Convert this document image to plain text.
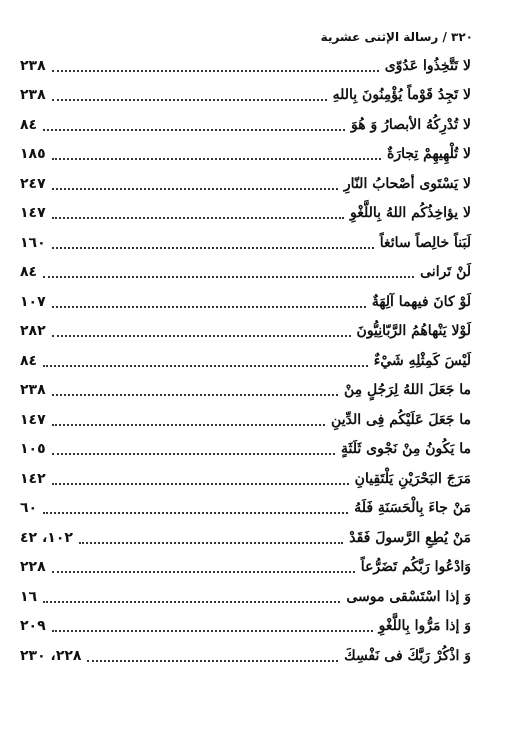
٣٢٠ / رسالة الإثنى عشرية
لا تَتَّخِذُوا عَدُوّى
٢٣٨
لا تَجِدُ قَوْماً يُؤْمِنُونَ بِاللهِ
٢٣٨
لا تُدْرِكُهُ الأبصارُ وَ هُوَ
٨٤
لا تُلْهِيهِمْ تِجارَةٌ
١٨٥
لا يَسْتَوى أصْحابُ النّارِ
٢٤٧
لا يؤاخِذُكُم اللهُ بِاللَّغْوِ
١٤٧
لَبَناً خالِصاً سائغاً
١٦٠
لَنْ تَرانى
٨٤
لَوْ كانَ فيهما آلِهَةٌ
١٠٧
لَوْلا يَنْهاهُمُ الرَّبّانِيُّونَ
٢٨٢
لَيْسَ كَمِثْلِهِ شَيْءٌ
٨٤
ما جَعَلَ اللهُ لِرَجُلٍ مِنْ
٢٣٨
ما جَعَلَ عَلَيْكُم فِى الدِّينِ
١٤٧
ما يَكُونُ مِنْ نَجْوى ثَلَثَةٍ
١٠٥
مَرَجَ البَحْرَيْنِ يَلْتَقِيانِ
١٤٢
مَنْ جاءَ بِالْحَسَنَةِ فَلَهُ
٦٠
مَنْ يُطِعِ الرَّسولَ فَقَدْ
١٠٢، ٤٢
وَادْعُوا رَبَّكُم تَضَرُّعاً
٢٢٨
وَ إذا اسْتَسْقى موسى
١٦
وَ إذا مَرُّوا بِاللَّغْوِ
٢٠٩
وَ اذْكُرْ رَبَّكَ فى نَفْسِكَ
٢٢٨، ٢٣٠
